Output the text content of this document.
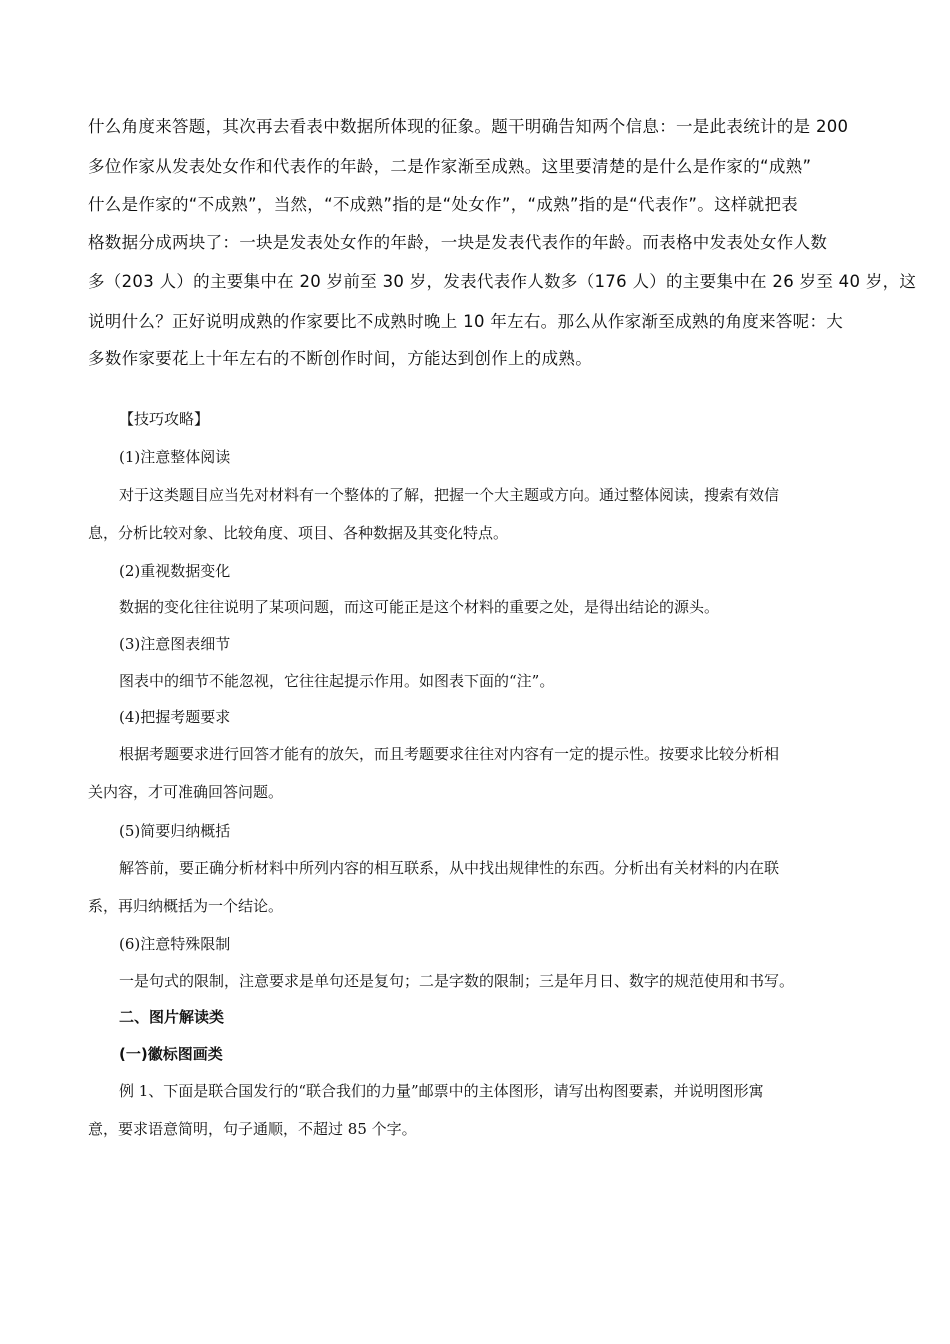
什么角度来答题，其次再去看表中数据所体现的征象。题干明确告知两个信息：一是此表统计的是 200

多位作家从发表处女作和代表作的年龄，二是作家渐至成熟。这里要清楚的是什么是作家的“成熟”

什么是作家的“不成熟”，当然，“不成熟”指的是“处女作”，“成熟”指的是“代表作”。这样就把表

格数据分成两块了：一块是发表处女作的年龄，一块是发表代表作的年龄。而表格中发表处女作人数

多（203 人）的主要集中在 20 岁前至 30 岁，发表代表作人数多（176 人）的主要集中在 26 岁至 40 岁，这

说明什么？正好说明成熟的作家要比不成熟时晚上 10 年左右。那么从作家渐至成熟的角度来答呢：大

多数作家要花上十年左右的不断创作时间，方能达到创作上的成熟。

【技巧攻略】

(1)注意整体阅读

对于这类题目应当先对材料有一个整体的了解，把握一个大主题或方向。通过整体阅读，搜索有效信

息，分析比较对象、比较角度、项目、各种数据及其变化特点。

(2)重视数据变化

数据的变化往往说明了某项问题，而这可能正是这个材料的重要之处，是得出结论的源头。

(3)注意图表细节

图表中的细节不能忽视，它往往起提示作用。如图表下面的“注”。

(4)把握考题要求

根据考题要求进行回答才能有的放矢，而且考题要求往往对内容有一定的提示性。按要求比较分析相

关内容，才可准确回答问题。

(5)简要归纳概括

解答前，要正确分析材料中所列内容的相互联系，从中找出规律性的东西。分析出有关材料的内在联

系，再归纳概括为一个结论。

(6)注意特殊限制

一是句式的限制，注意要求是单句还是复句；二是字数的限制；三是年月日、数字的规范使用和书写。

二、图片解读类

(一)徽标图画类

例 1、下面是联合国发行的“联合我们的力量”邮票中的主体图形，请写出构图要素，并说明图形寓

意，要求语意简明，句子通顺，不超过 85 个字。
